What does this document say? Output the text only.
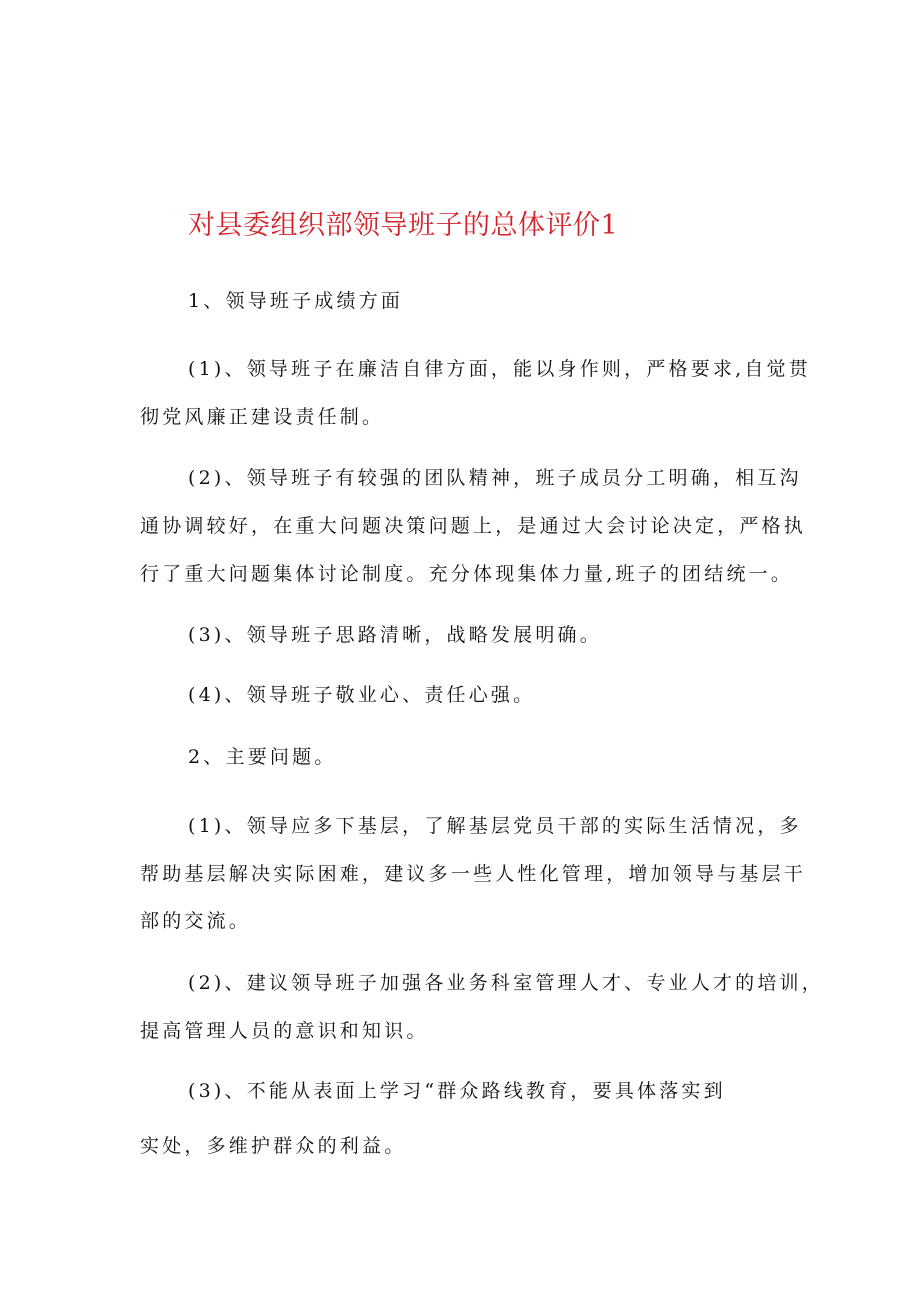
对县委组织部领导班子的总体评价1
1、领导班子成绩方面
(1)、领导班子在廉洁自律方面，能以身作则，严格要求,自觉贯
彻党风廉正建设责任制。
(2)、领导班子有较强的团队精神，班子成员分工明确，相互沟
通协调较好，在重大问题决策问题上，是通过大会讨论决定，严格执
行了重大问题集体讨论制度。充分体现集体力量,班子的团结统一。
(3)、领导班子思路清晰，战略发展明确。
(4)、领导班子敬业心、责任心强。
2、主要问题。
(1)、领导应多下基层，了解基层党员干部的实际生活情况，多
帮助基层解决实际困难，建议多一些人性化管理，增加领导与基层干
部的交流。
(2)、建议领导班子加强各业务科室管理人才、专业人才的培训，
提高管理人员的意识和知识。
(3)、不能从表面上学习“群众路线教育，要具体落实到
实处，多维护群众的利益。
